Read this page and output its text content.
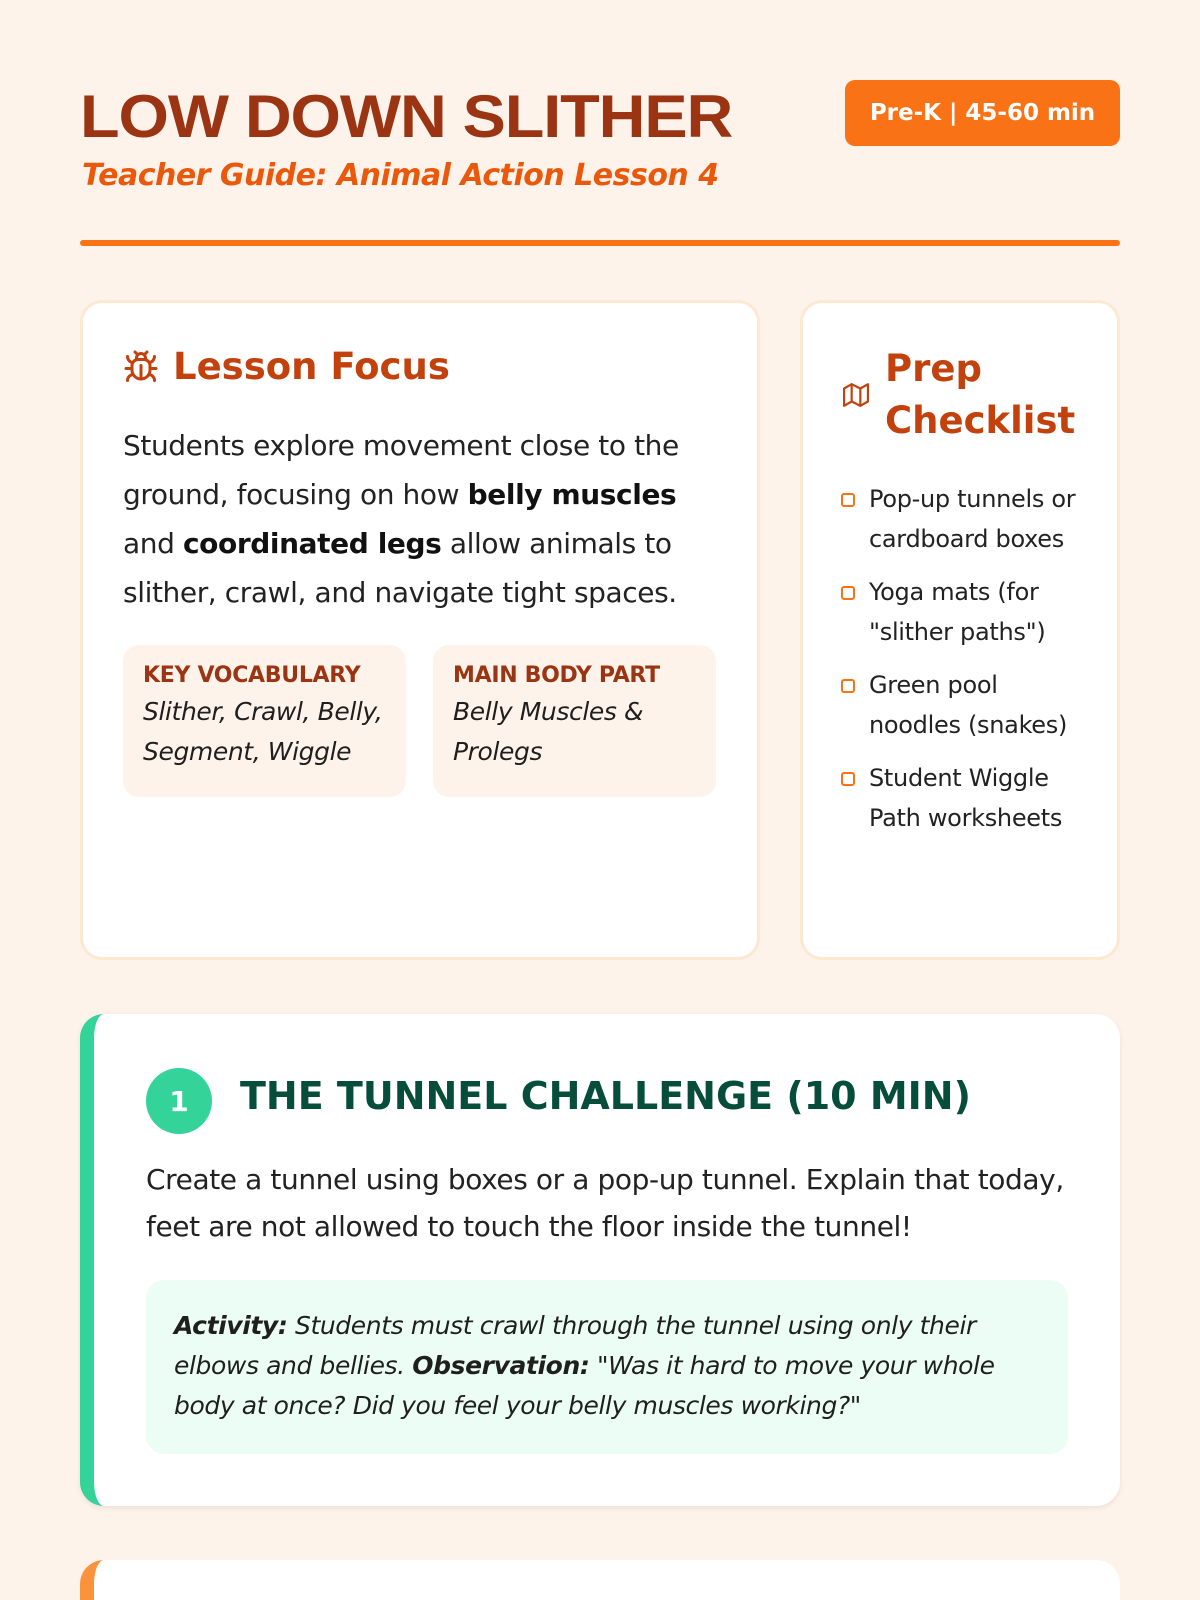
LOW DOWN SLITHER
Teacher Guide: Animal Action Lesson 4
Pre-K | 45-60 min
Lesson Focus

Students explore movement close to the ground, focusing on how belly muscles and coordinated legs allow animals to slither, crawl, and navigate tight spaces.

KEY VOCABULARY
Slither, Crawl, Belly, Segment, Wiggle
MAIN BODY PART
Belly Muscles & Prolegs
Prep Checklist
Pop-up tunnels or cardboard boxes
Yoga mats (for "slither paths")
Green pool noodles (snakes)
Student Wiggle Path worksheets
1	THE TUNNEL CHALLENGE (10 MIN)

Create a tunnel using boxes or a pop-up tunnel. Explain that today, feet are not allowed to touch the floor inside the tunnel!

Activity: Students must crawl through the tunnel using only their elbows and bellies. Observation: "Was it hard to move your whole body at once? Did you feel your belly muscles working?"
